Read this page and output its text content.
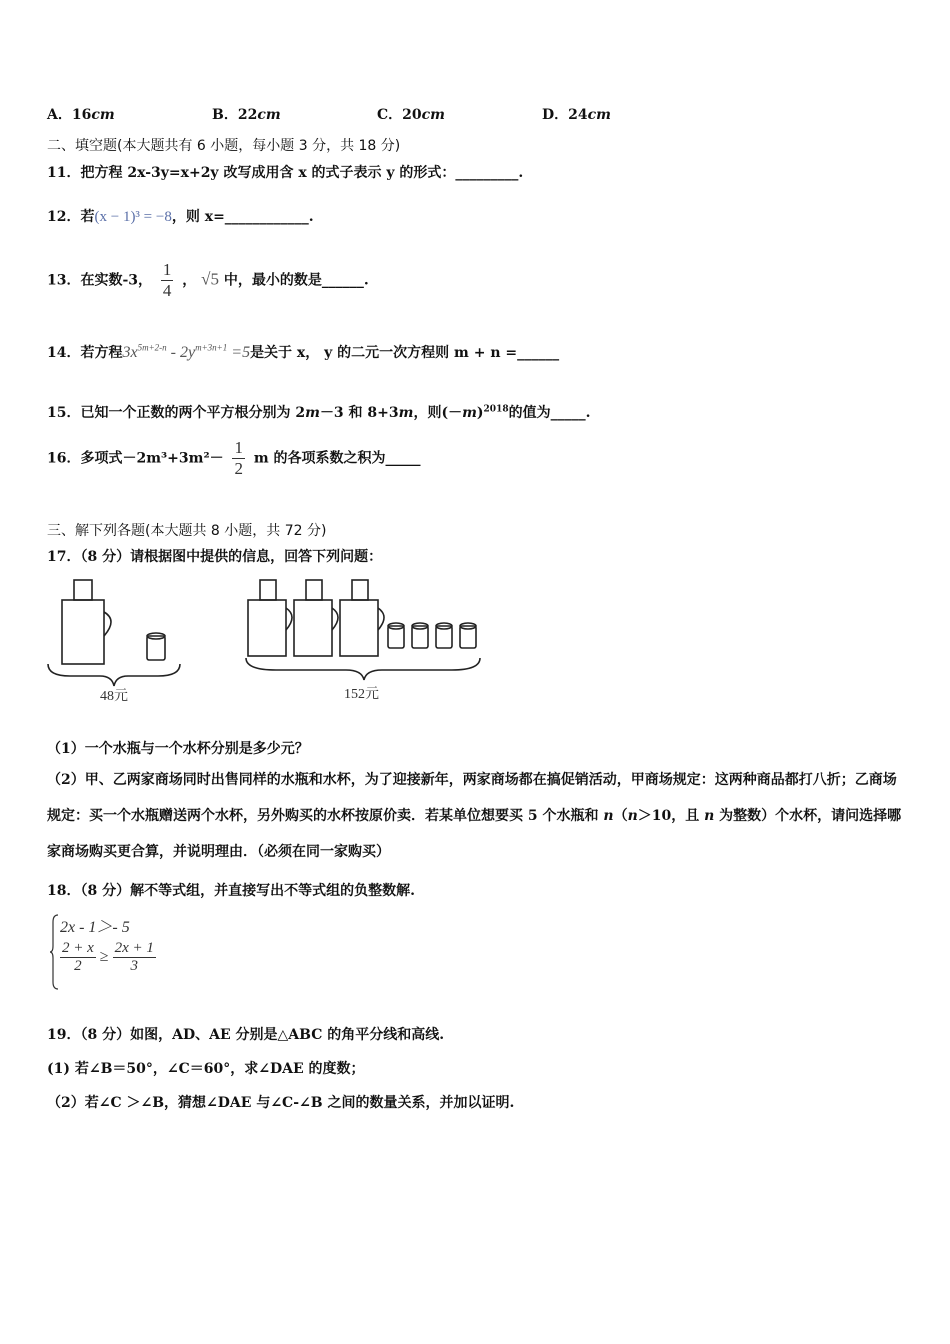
A．16cm	B．22cm	C．20cm	D．24cm
二、填空题(本大题共有 6 小题，每小题 3 分，共 18 分)
11．把方程 2x-3y=x+2y 改写成用含 x 的式子表示 y 的形式：_________.
12．若(x − 1)³ = −8，则 x=____________.
13．在实数-3， $\frac{1}{4}$ ， √5 中，最小的数是______.
14．若方程$3x^{5m+2-n} - 2y^{m+3n+1} =5$是关于 x， y 的二元一次方程则 m + n =______
15．已知一个正数的两个平方根分别为 2m－3 和 8+3m，则$(-m)^{2018}$的值为_____.
16．多项式$-2m^3+3m^2- \frac{1}{2}$ m 的各项系数之积为_____
三、解下列各题(本大题共 8 小题，共 72 分)
17．（8 分）请根据图中提供的信息，回答下列问题：
48元	152元
（1）一个水瓶与一个水杯分别是多少元？
（2）甲、乙两家商场同时出售同样的水瓶和水杯，为了迎接新年，两家商场都在搞促销活动，甲商场规定：这两种商品都打八折；乙商场规定：买一个水瓶赠送两个水杯，另外购买的水杯按原价卖．若某单位想要买 5 个水瓶和 n（n＞10，且 n 为整数）个水杯，请问选择哪家商场购买更合算，并说明理由．（必须在同一家购买）
18．（8 分）解不等式组，并直接写出不等式组的负整数解.
2x - 1＞- 5
$\frac{2 + x}{2} \ge \frac{2x + 1}{3}$
19．（8 分）如图，AD、AE 分别是△ABC 的角平分线和高线.
(1) 若∠B＝50°，∠C＝60°，求∠DAE 的度数；
（2）若∠C ＞∠B，猜想∠DAE 与∠C-∠B 之间的数量关系，并加以证明.
